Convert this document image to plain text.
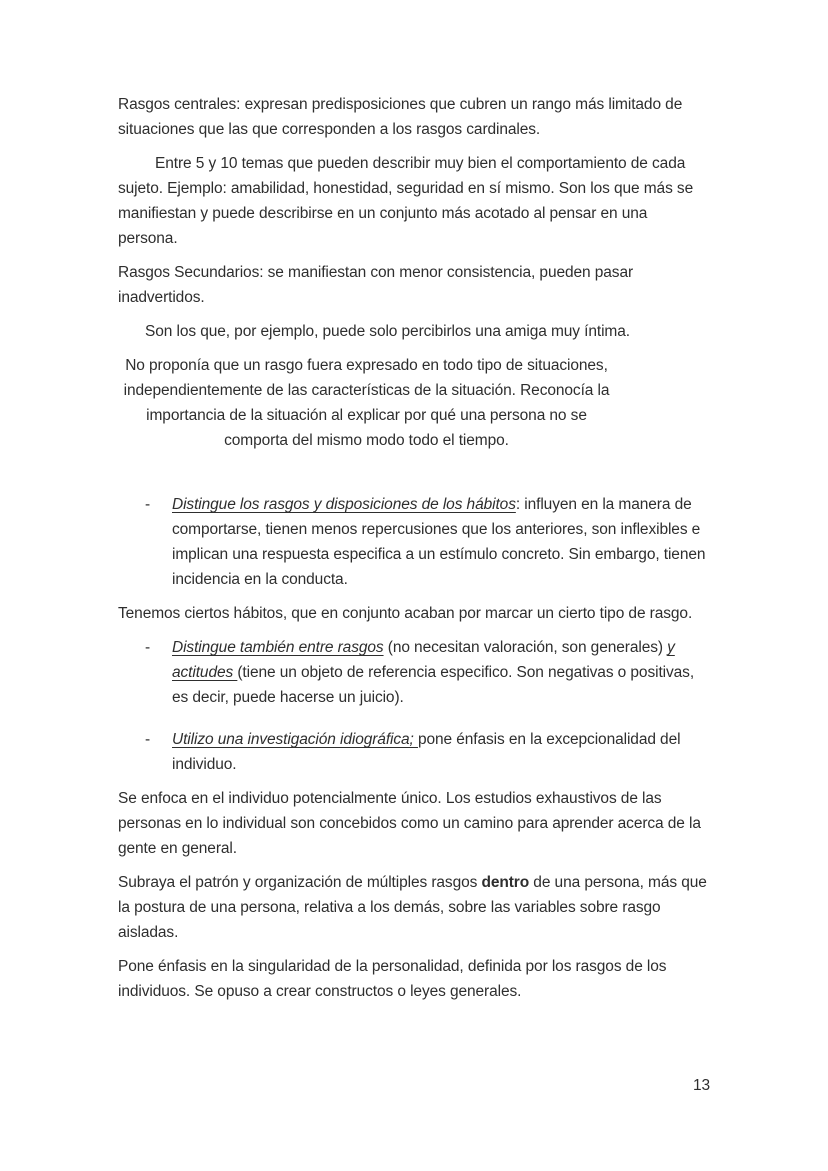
Rasgos centrales: expresan predisposiciones que cubren un rango más limitado de situaciones que las que corresponden a los rasgos cardinales.

Entre 5 y 10 temas que pueden describir muy bien el comportamiento de cada sujeto. Ejemplo: amabilidad, honestidad, seguridad en sí mismo. Son los que más se manifiestan y puede describirse en un conjunto más acotado al pensar en una persona.

Rasgos Secundarios: se manifiestan con menor consistencia, pueden pasar inadvertidos.

Son los que, por ejemplo, puede solo percibirlos una amiga muy íntima.

No proponía que un rasgo fuera expresado en todo tipo de situaciones, independientemente de las características de la situación. Reconocía la importancia de la situación al explicar por qué una persona no se comporta del mismo modo todo el tiempo.

- Distingue los rasgos y disposiciones de los hábitos: influyen en la manera de comportarse, tienen menos repercusiones que los anteriores, son inflexibles e implican una respuesta especifica a un estímulo concreto. Sin embargo, tienen incidencia en la conducta.

Tenemos ciertos hábitos, que en conjunto acaban por marcar un cierto tipo de rasgo.

- Distingue también entre rasgos (no necesitan valoración, son generales) y actitudes (tiene un objeto de referencia especifico. Son negativas o positivas, es decir, puede hacerse un juicio).
- Utilizo una investigación idiográfica; pone énfasis en la excepcionalidad del individuo.

Se enfoca en el individuo potencialmente único. Los estudios exhaustivos de las personas en lo individual son concebidos como un camino para aprender acerca de la gente en general.

Subraya el patrón y organización de múltiples rasgos dentro de una persona, más que la postura de una persona, relativa a los demás, sobre las variables sobre rasgo aisladas.

Pone énfasis en la singularidad de la personalidad, definida por los rasgos de los individuos. Se opuso a crear constructos o leyes generales.

13
